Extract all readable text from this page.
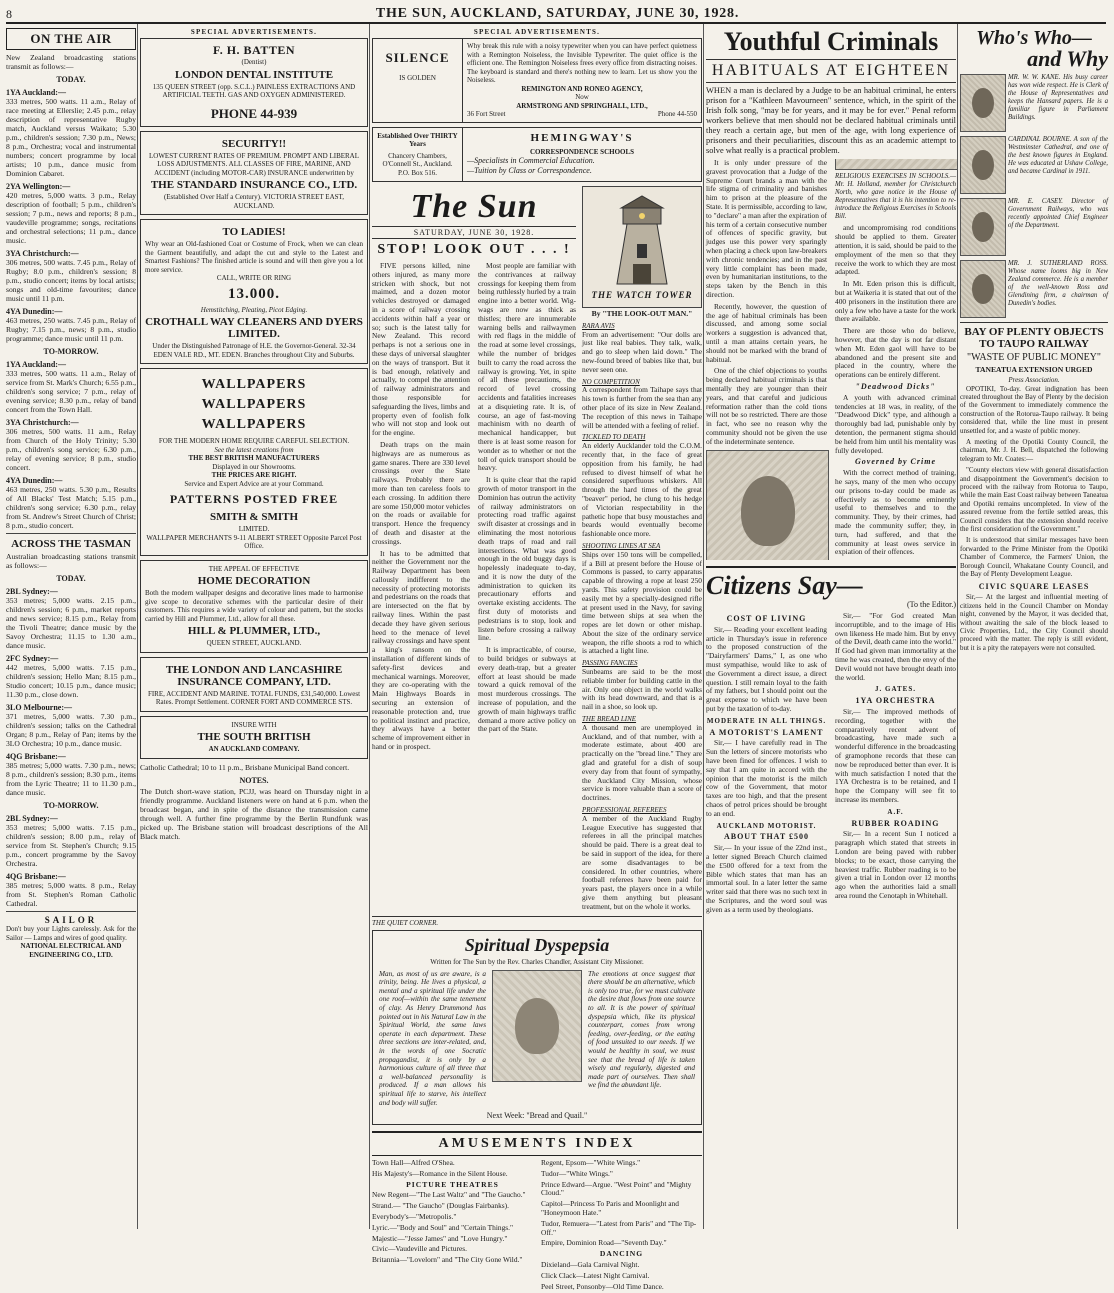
8	THE SUN, AUCKLAND, SATURDAY, JUNE 30, 1928.

ON THE AIR
New Zealand broadcasting stations transmit as follows:—
TODAY.
1YA Auckland:—
333 metres, 500 watts. 11 a.m., Relay of race meeting at Ellerslie; 2.45 p.m., relay description of representative Rugby match, Auckland versus Waikato; 5.30 p.m., children's session; 7.30 p.m., News; 8 p.m., Orchestra; vocal and instrumental numbers; concert programme by local artists; 10 p.m., dance music from Dominion Cabaret.
2YA Wellington:—
420 metres, 5,000 watts. 3 p.m., Relay description of football; 5 p.m., children's session; 7 p.m., news and reports; 8 p.m., vaudeville programme; songs, recitations and orchestral selections; 11 p.m., dance music.
3YA Christchurch:—
306 metres, 500 watts. 7.45 p.m., Relay of Rugby; 8.0 p.m., children's session; 8 p.m., studio concert; items by local artists; songs and old-time favourites; dance music until 11 p.m.
4YA Dunedin:—
463 metres, 250 watts. 7.45 p.m., Relay of Rugby; 7.15 p.m., news; 8 p.m., studio programme; dance music until 11 p.m.
TO-MORROW.
1YA Auckland:—
333 metres, 500 watts. 11 a.m., Relay of service from St. Mark's Church; 6.55 p.m., children's song service; 7 p.m., relay of evening service; 8.30 p.m., relay of band concert from the Town Hall.
3YA Christchurch:—
306 metres, 500 watts. 11 a.m., Relay from Church of the Holy Trinity; 5.30 p.m., children's song service; 6.30 p.m., relay of evening service; 8 p.m., studio concert.
4YA Dunedin:—
463 metres, 250 watts. 5.30 p.m., Results of All Blacks' Test Match; 5.15 p.m., children's song service; 6.30 p.m., relay from St. Andrew's Street Church of Christ; 8 p.m., studio concert.
ACROSS THE TASMAN
Australian broadcasting stations transmit as follows:—
TODAY.
2BL Sydney:—
353 metres; 5,000 watts. 2.15 p.m., children's session; 6 p.m., market reports and news service; 8.15 p.m., Relay from the Tivoli Theatre; dance music by the Savoy Orchestra; 11.15 to 1.30 a.m., dance music.
2FC Sydney:—
442 metres, 5,000 watts. 7.15 p.m., children's session; Hello Man; 8.15 p.m., Studio concert; 10.15 p.m., dance music; 11.30 p.m., close down.
3LO Melbourne:—
371 metres, 5,000 watts. 7.30 p.m., children's session; talks on the Cathedral Organ; 8 p.m., Relay of Pan; items by the 3LO Orchestra; 10 p.m., dance music.
4QG Brisbane:—
385 metres; 5,000 watts. 7.30 p.m., news; 8 p.m., children's session; 8.30 p.m., items from the Lyric Theatre; 11 to 11.30 p.m., dance music.
TO-MORROW.
2BL Sydney:—
353 metres; 5,000 watts. 7.15 p.m., children's session; 8.00 p.m., relay of service from St. Stephen's Church; 9.15 p.m., concert programme by the Savoy Orchestra.
4QG Brisbane:—
385 metres; 5,000 watts. 8 p.m., Relay from St. Stephen's Roman Catholic Cathedral.
SAILOR
Don't buy your Lights carelessly. Ask for the Sailor — Lamps and wires of good quality.
NATIONAL ELECTRICAL AND ENGINEERING CO., LTD.
SPECIAL ADVERTISEMENTS.
F. H. BATTEN
(Dentist)
LONDON DENTAL INSTITUTE
135 QUEEN STREET (opp. S.C.L.) PAINLESS EXTRACTIONS AND ARTIFICIAL TEETH. GAS AND OXYGEN ADMINISTERED.
PHONE 44-939
SECURITY!!
LOWEST CURRENT RATES OF PREMIUM. PROMPT AND LIBERAL LOSS ADJUSTMENTS. ALL CLASSES OF FIRE, MARINE, AND ACCIDENT (including MOTOR-CAR) INSURANCE underwritten by
THE STANDARD INSURANCE CO., LTD.
(Established Over Half a Century). VICTORIA STREET EAST, AUCKLAND.
TO LADIES!
Why wear an Old-fashioned Coat or Costume of Frock, when we can clean the Garment beautifully, and adapt the cut and style to the Latest and Smartest Fashions? The finished article is sound and will then give you a lot more service.
CALL, WRITE OR RING
13.000.
Hemstitching, Pleating, Picot Edging.
CROTHALL WAY CLEANERS AND DYERS LIMITED.
Under the Distinguished Patronage of H.E. the Governor-General. 32-34 EDEN VALE RD., MT. EDEN. Branches throughout City and Suburbs.
WALLPAPERS
WALLPAPERS
WALLPAPERS
FOR THE MODERN HOME REQUIRE CAREFUL SELECTION.
See the latest creations from
THE BEST BRITISH MANUFACTURERS
Displayed in our Showrooms.
THE PRICES ARE RIGHT.
Service and Expert Advice are at your Command.
PATTERNS POSTED FREE
SMITH & SMITH
LIMITED.
WALLPAPER MERCHANTS 9-11 ALBERT STREET Opposite Parcel Post Office.
THE APPEAL OF EFFECTIVE
HOME DECORATION
Both the modern wallpaper designs and decorative lines made to harmonise give scope to decorative schemes with the particular desire of their customers. This requires a wide variety of colour and pattern, but the stocks carried by Hill and Plummer, Ltd., allow for all these.
HILL & PLUMMER, LTD.,
QUEEN STREET, AUCKLAND.
THE LONDON AND LANCASHIRE INSURANCE COMPANY, LTD.
FIRE, ACCIDENT AND MARINE. TOTAL FUNDS, £31,540,000. Lowest Rates. Prompt Settlement. CORNER FORT AND COMMERCE STS.
INSURE WITH
THE SOUTH BRITISH
AN AUCKLAND COMPANY.
Catholic Cathedral; 10 to 11 p.m., Brisbane Municipal Band concert.
NOTES.
The Dutch short-wave station, PCJJ, was heard on Thursday night in a friendly programme. Auckland listeners were on hand at 6 p.m. when the broadcast began, and in spite of the distance the transmission came through well. A further fine programme by the Berlin Rundfunk was picked up. The Brisbane station will broadcast descriptions of the All Black match.
SPECIAL ADVERTISEMENTS.
SILENCE
IS GOLDEN
Why break this rule with a noisy typewriter when you can have perfect quietness with a Remington Noiseless, the Invisible Typewriter. The quiet office is the efficient one. The Remington Noiseless frees every office from distracting noises. The keyboard is standard and there's nothing new to learn. Let us show you the Noiseless.
REMINGTON AND RONEO AGENCY,
Now
ARMSTRONG AND SPRINGHALL, LTD.,
36 Fort Street	Phone 44-550
Established Over THIRTY Years
Chancery Chambers, O'Connell St., Auckland. P.O. Box 516.
HEMINGWAY'S
CORRESPONDENCE SCHOOLS
—Specialists in Commercial Education.
—Tuition by Class or Correspondence.
The Sun
SATURDAY, JUNE 30, 1928.
STOP! LOOK OUT . . . !

FIVE persons killed, nine others injured, as many more stricken with shock, but not maimed, and a dozen motor vehicles destroyed or damaged in a score of railway crossing accidents within half a year or so; such is the latest tally for New Zealand. This record perhaps is not a serious one in these days of universal slaughter on the ways of transport. But it is bad enough, relatively and actually, to compel the attention of railway administrators and those responsible for safeguarding the lives, limbs and property even of foolish folk who will not stop and look out for the engine.

Death traps on the main highways are as numerous as game snares. There are 330 level crossings over the State railways. Probably there are more than ten careless fools to each crossing. In addition there are some 150,000 motor vehicles on the roads or available for transport. Hence the frequency of death and disaster at the crossings.

It has to be admitted that neither the Government nor the Railway Department has been callously indifferent to the necessity of protecting motorists and pedestrians on the roads that are intersected on the flat by railway lines. Within the past decade they have given serious heed to the menace of level railway crossings and have spent a king's ransom on the installation of different kinds of safety-first devices and mechanical warnings. Moreover, they are co-operating with the Main Highways Boards in securing an extension of reasonable protection and, true to political instinct and practice, they always have a better scheme of improvement either in hand or in prospect.

Most people are familiar with the contrivances at railway crossings for keeping them from being ruthlessly hurled by a train engine into a better world. Wig-wags are now as thick as thistles; there are innumerable warning bells and railwaymen with red flags in the middle of the road at some level crossings, while the number of bridges built to carry the road across the railway is growing. Yet, in spite of all these precautions, the record of level crossing accidents and fatalities increases at a disquieting rate. It is, of course, an age of fast-moving machinism with no dearth of mechanical handicapper, but there is at least some reason for wonder as to whether or not the toll of quick transport should be heavy.

It is quite clear that the rapid growth of motor transport in the Dominion has outrun the activity of railway administrators on protecting road traffic against swift disaster at crossings and in eliminating the most notorious death traps of road and rail intersections. What was good enough in the old buggy days is hopelessly inadequate to-day, and it is now the duty of the administration to quicken its precautionary efforts and overtake existing accidents. The first duty of motorists and pedestrians is to stop, look and listen before crossing a railway line.

It is impracticable, of course, to build bridges or subways at every death-trap, but a greater effort at least should be made toward a quick removal of the most murderous crossings. The increase of population, and the growth of main highways traffic demand a more active policy on the part of the State.

THE WATCH TOWER
By "THE LOOK-OUT MAN."
RARA AVIS
From an advertisement: "Our dolls are just like real babies. They talk, walk, and go to sleep when laid down." The new-found breed of babies like that, but never seen one.
NO COMPETITION
A correspondent from Taihape says that his town is further from the sea than any other place of its size in New Zealand. The reception of this news in Taihape will be attended with a feeling of relief.
TICKLED TO DEATH
An elderly Aucklander told the C.O.M. recently that, in the face of great opposition from his family, he had refused to divest himself of what he considered superfluous whiskers. All through the hard times of the great "beaver" period, he clung to his hedge of Victorian respectability in the pathetic hope that busy moustaches and beards would eventually become fashionable once more.
SHOOTING LINES AT SEA
Ships over 150 tons will be compelled, if a Bill at present before the House of Commons is passed, to carry apparatus capable of throwing a rope at least 250 yards. This safety provision could be easily met by a specially-designed rifle at present used in the Navy, for saving time between ships at sea when the ropes are let down or other mishap. About the size of the ordinary service weapon, the rifle shoots a rod to which is attached a light line.
PASSING FANCIES
Sunbeams are said to be the most reliable timber for building cattle in the air. Only one object in the world walks with its head downward, and that is a nail in a shoe, so look up.
THE BREAD LINE
A thousand men are unemployed in Auckland, and of that number, with a moderate estimate, about 400 are practically on the "bread line." They are glad and grateful for a dish of soup every day from that fount of sympathy, the Auckland City Mission, whose service is more valuable than a score of doctrines.
PROFESSIONAL REFEREES
A member of the Auckland Rugby League Executive has suggested that referees in all the principal matches should be paid. There is a great deal to be said in support of the idea, for there are some disadvantages to be considered. In other countries, where football referees have been paid for years past, the players once in a while give them anything but pleasant treatment, but on the whole it works.
THE QUIET CORNER.
Spiritual Dyspepsia
Written for The Sun by the Rev. Charles Chandler, Assistant City Missioner.
Man, as most of us are aware, is a trinity, being. He lives a physical, a mental and a spiritual life under the one roof—within the same tenement of clay. As Henry Drummond has pointed out in his Natural Law in the Spiritual World, the same laws operate in each department. These three sections are inter-related, and, in the words of one Socratic propagandist, it is only by a harmonious culture of all three that a well-balanced personality is produced. If a man allows his spiritual life to starve, his intellect and body will suffer.
The emotions at once suggest that there should be an alternative, which is only too true, for we must cultivate the desire that flows from one source to all. It is the power of spiritual dyspepsia which, like its physical counterpart, comes from wrong feeding, over-feeding, or the eating of food unsuited to our needs. If we would be healthy in soul, we must see that the bread of life is taken wisely and regularly, digested and made part of ourselves. Then shall we find the abundant life.
Next Week: "Bread and Quail."
AMUSEMENTS INDEX

Town Hall—Alfred O'Shea.

His Majesty's—Romance in the Silent House.

PICTURE THEATRES

New Regent—"The Last Waltz" and "The Gaucho."

Strand.— "The Gaucho" (Douglas Fairbanks).

Everybody's—"Metropolis."

Lyric.—"Body and Soul" and "Certain Things."

Majestic—"Jesse James" and "Love Hungry."

Civic—Vaudeville and Pictures.

Britannia—"Lovelorn" and "The City Gone Wild."

Regent, Epsom—"White Wings."

Tudor—"White Wings."

Prince Edward—Argue. "West Point" and "Mighty Cloud."

Capitol—Princess To Paris and Moonlight and "Honeymoon Hate."

Tudor, Remuera—"Latest from Paris" and "The Tip-Off."

Empire, Dominion Road—"Seventh Day."

DANCING

Dixieland—Gala Carnival Night.

Click Clack—Latest Night Carnival.

Peel Street, Ponsonby—Old Time Dance.

Youthful Criminals
HABITUALS AT EIGHTEEN
WHEN a man is declared by a Judge to be an habitual criminal, he enters prison for a "Kathleen Mavourneen" sentence, which, in the spirit of the Irish folk song, "may be for years, and it may be for ever." Penal reform workers believe that men should not be declared habitual criminals until they reach a certain age, but men of the age, with long experience of prisoners and their peculiarities, discount this as an academic attempt to solve what really is a practical problem.

It is only under pressure of the gravest provocation that a Judge of the Supreme Court brands a man with the life stigma of criminality and banishes him to prison at the pleasure of the State. It is permissible, according to law, to "declare" a man after the expiration of his term of a certain consecutive number of offences of specific gravity, but judges use this power very sparingly when placing a check upon law-breakers with chronic tendencies; and in the past very little complaint has been made, even by humanitarian institutions, to the steps taken by the Bench in this direction.

Recently, however, the question of the age of habitual criminals has been discussed, and among some social workers a suggestion is advanced that, until a man attains certain years, he should not be marked with the brand of habitual.

One of the chief objections to youths being declared habitual criminals is that mentally they are younger than their years, and that careful and judicious reformation rather than the cold tions will not be so restricted. There are those in fact, who see no reason why the community should not be given the use of the indeterminate sentence.

RELIGIOUS EXERCISES IN SCHOOLS.—Mr. H. Holland, member for Christchurch North, who gave notice in the House of Representatives that it is his intention to re-introduce the Religious Exercises in Schools Bill.

and uncompromising rod conditions should be applied to them. Greater attention, it is said, should be paid to the employment of the men so that they receive the work to which they are most adapted.

In Mt. Eden prison this is difficult, but at Waikeria it is stated that out of the 400 prisoners in the institution there are only a few who have a taste for the work there available.

There are those who do believe, however, that the day is not far distant when Mt. Eden gaol will have to be abandoned and the present site and placed in the country, where the operations can be entirely different.

"Deadwood Dicks"

A youth with advanced criminal tendencies at 18 was, in reality, of the "Deadwood Dick" type, and although a thoroughly bad lad, punishable only by detention, the permanent stigma should be held from him until his mentality was fully developed.

Governed by Crime

With the correct method of training, he says, many of the men who occupy our prisons to-day could be made as effectively as to become eminently useful to themselves and to the community. They, by their crimes, had made the community suffer; they, in turn, had suffered, and that the community at least owes service in expiation of their offences.

Citizens Say—
(To the Editor.)
COST OF LIVING

Sir,— Reading your excellent leading article in Thursday's issue in reference to the proposed construction of the "Dairyfarmers' Dams," I, as one who must sympathise, would like to ask of the Government a direct issue, a direct question. I still remain loyal to the faith of my fathers, but I should point out the great expense to which we have been put by the taxation of to-day.

MODERATE IN ALL THINGS.
A MOTORIST'S LAMENT

Sir,— I have carefully read in The Sun the letters of sincere motorists who have been fined for offences. I wish to say that I am quite in accord with the opinion that the motorist is the milch cow of the Government, that motor taxes are too high, and that the present chaos of petrol prices should be brought to an end.

AUCKLAND MOTORIST.
ABOUT THAT £500

Sir,— In your issue of the 22nd inst., a letter signed Breach Church claimed the £500 offered for a text from the Bible which states that man has an immortal soul. In a later letter the same writer said that there was no such text in the Scriptures, and the word soul was given as a term used by theologians.

Sir,— "For God created Man incorruptible, and to the image of His own likeness He made him. But by envy of the Devil, death came into the world." If God had given man immortality at the time he was created, then the envy of the Devil would not have brought death into the world.

J. GATES.
1YA ORCHESTRA

Sir,— The improved methods of recording, together with the comparatively recent advent of broadcasting, have made such a wonderful difference in the broadcasting of gramophone records that these can now be reproduced better than ever. It is with much satisfaction I noted that the 1YA Orchestra is to be retained, and I hope the Company will see fit to increase its members.

A.F.
RUBBER ROADING

Sir,— In a recent Sun I noticed a paragraph which stated that streets in London are being paved with rubber blocks; to be exact, those carrying the heaviest traffic. Rubber roading is to be given a trial in London over 12 months ago when the authorities laid a small area round the Cenotaph in Whitehall.

Who's Who—
and Why
MR. W. W. KANE. His busy career has won wide respect. He is Clerk of the House of Representatives and keeps the Hansard papers. He is a familiar figure in Parliament Buildings.
CARDINAL BOURNE. A son of the Westminster Cathedral, and one of the best known figures in England. He was educated at Ushaw College, and became Cardinal in 1911.
MR. E. CASEY. Director of Government Railways, who was recently appointed Chief Engineer of the Department.
MR. J. SUTHERLAND ROSS. Whose name looms big in New Zealand commerce. He is a member of the well-known Ross and Glendining firm, a chairman of Dunedin's bodies.
BAY OF PLENTY OBJECTS TO TAUPO RAILWAY
"WASTE OF PUBLIC MONEY"
TANEATUA EXTENSION URGED
Press Association.

OPOTIKI, To-day. Great indignation has been created throughout the Bay of Plenty by the decision of the Government to immediately commence the construction of the Rotorua-Taupo railway. It being considered that, while the line must in present unsettled for, and a waste of public money.

A meeting of the Opotiki County Council, the chairman, Mr. J. H. Bell, dispatched the following telegram to Mr. Coates:—

"County electors view with general dissatisfaction and disappointment the Government's decision to proceed with the railway from Rotorua to Taupo, while the main East Coast railway between Taneatua and Opotiki remains uncompleted. In view of the assured revenue from the fertile settled areas, this Council considers that the extension should receive the first consideration of the Government."

It is understood that similar messages have been forwarded to the Prime Minister from the Opotiki Chamber of Commerce, the Farmers' Union, the Borough Council, Whakatane County Council, and the Bay of Plenty Development League.

CIVIC SQUARE LEASES

Sir,— At the largest and influential meeting of citizens held in the Council Chamber on Monday night, convened by the Mayor, it was decided that, without awaiting the sale of the block leased to Civic Properties, Ltd., the City Council should proceed with the matter. The reply is still evident, but it is a pity the ratepayers were not consulted.
